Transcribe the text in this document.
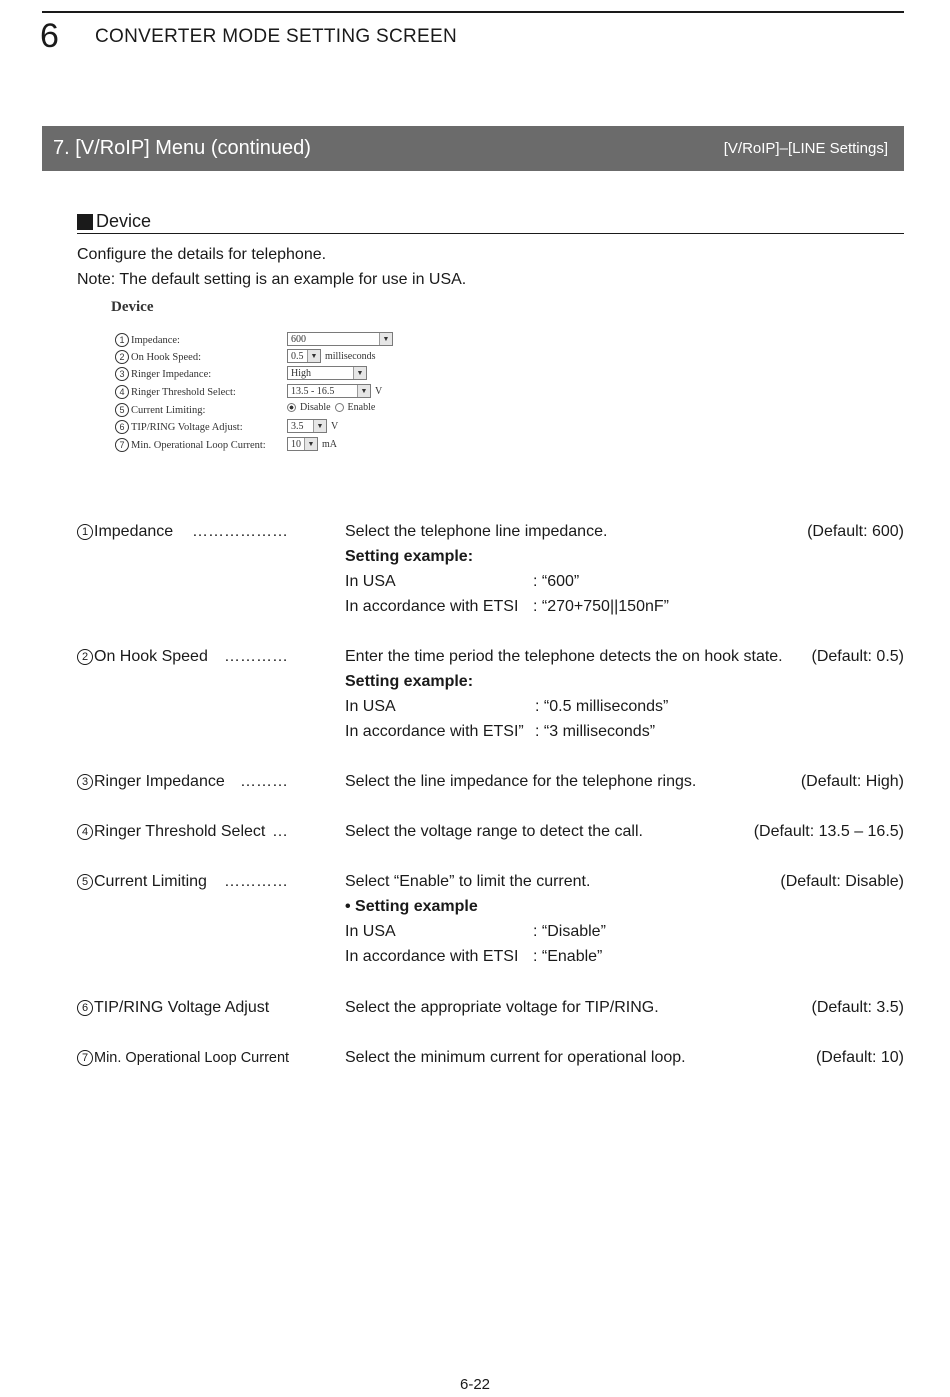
6 CONVERTER MODE SETTING SCREEN
7. [V/RoIP] Menu (continued)	[V/RoIP]–[LINE Settings]
Device
Configure the details for telephone.
Note: The default setting is an example for use in USA.
Device
1 Impedance:	600	▼
2 On Hook Speed:	0.5	▼ milliseconds
3 Ringer Impedance:	High	▼
4 Ringer Threshold Select:	13.5 - 16.5	▼ V
5 Current Limiting:	Disable Enable
6 TIP/RING Voltage Adjust:	3.5	▼ V
7 Min. Operational Loop Current:	10 ▼ mA
1 Impedance	………………	Select the telephone line impedance.	(Default: 600)
Setting example:
In USA	: “600”
In accordance with ETSI : “270+750||150nF”
2 On Hook Speed	…………	Enter the time period the telephone detects the on hook state. (Default: 0.5)
Setting example:
In USA	: “0.5 milliseconds”
In accordance with ETSI” : “3 milliseconds”
3 Ringer Impedance ………	Select the line impedance for the telephone rings.	(Default: High)
4 Ringer Threshold Select …	Select the voltage range to detect the call.	(Default: 13.5 – 16.5)
5 Current Limiting	…………	Select “Enable” to limit the current.	(Default: Disable)
• Setting example
In USA	: “Disable”
In accordance with ETSI : “Enable”
6 TIP/RING Voltage Adjust	Select the appropriate voltage for TIP/RING.	(Default: 3.5)
7 Min. Operational Loop Current	Select the minimum current for operational loop.	(Default: 10)
6-22
